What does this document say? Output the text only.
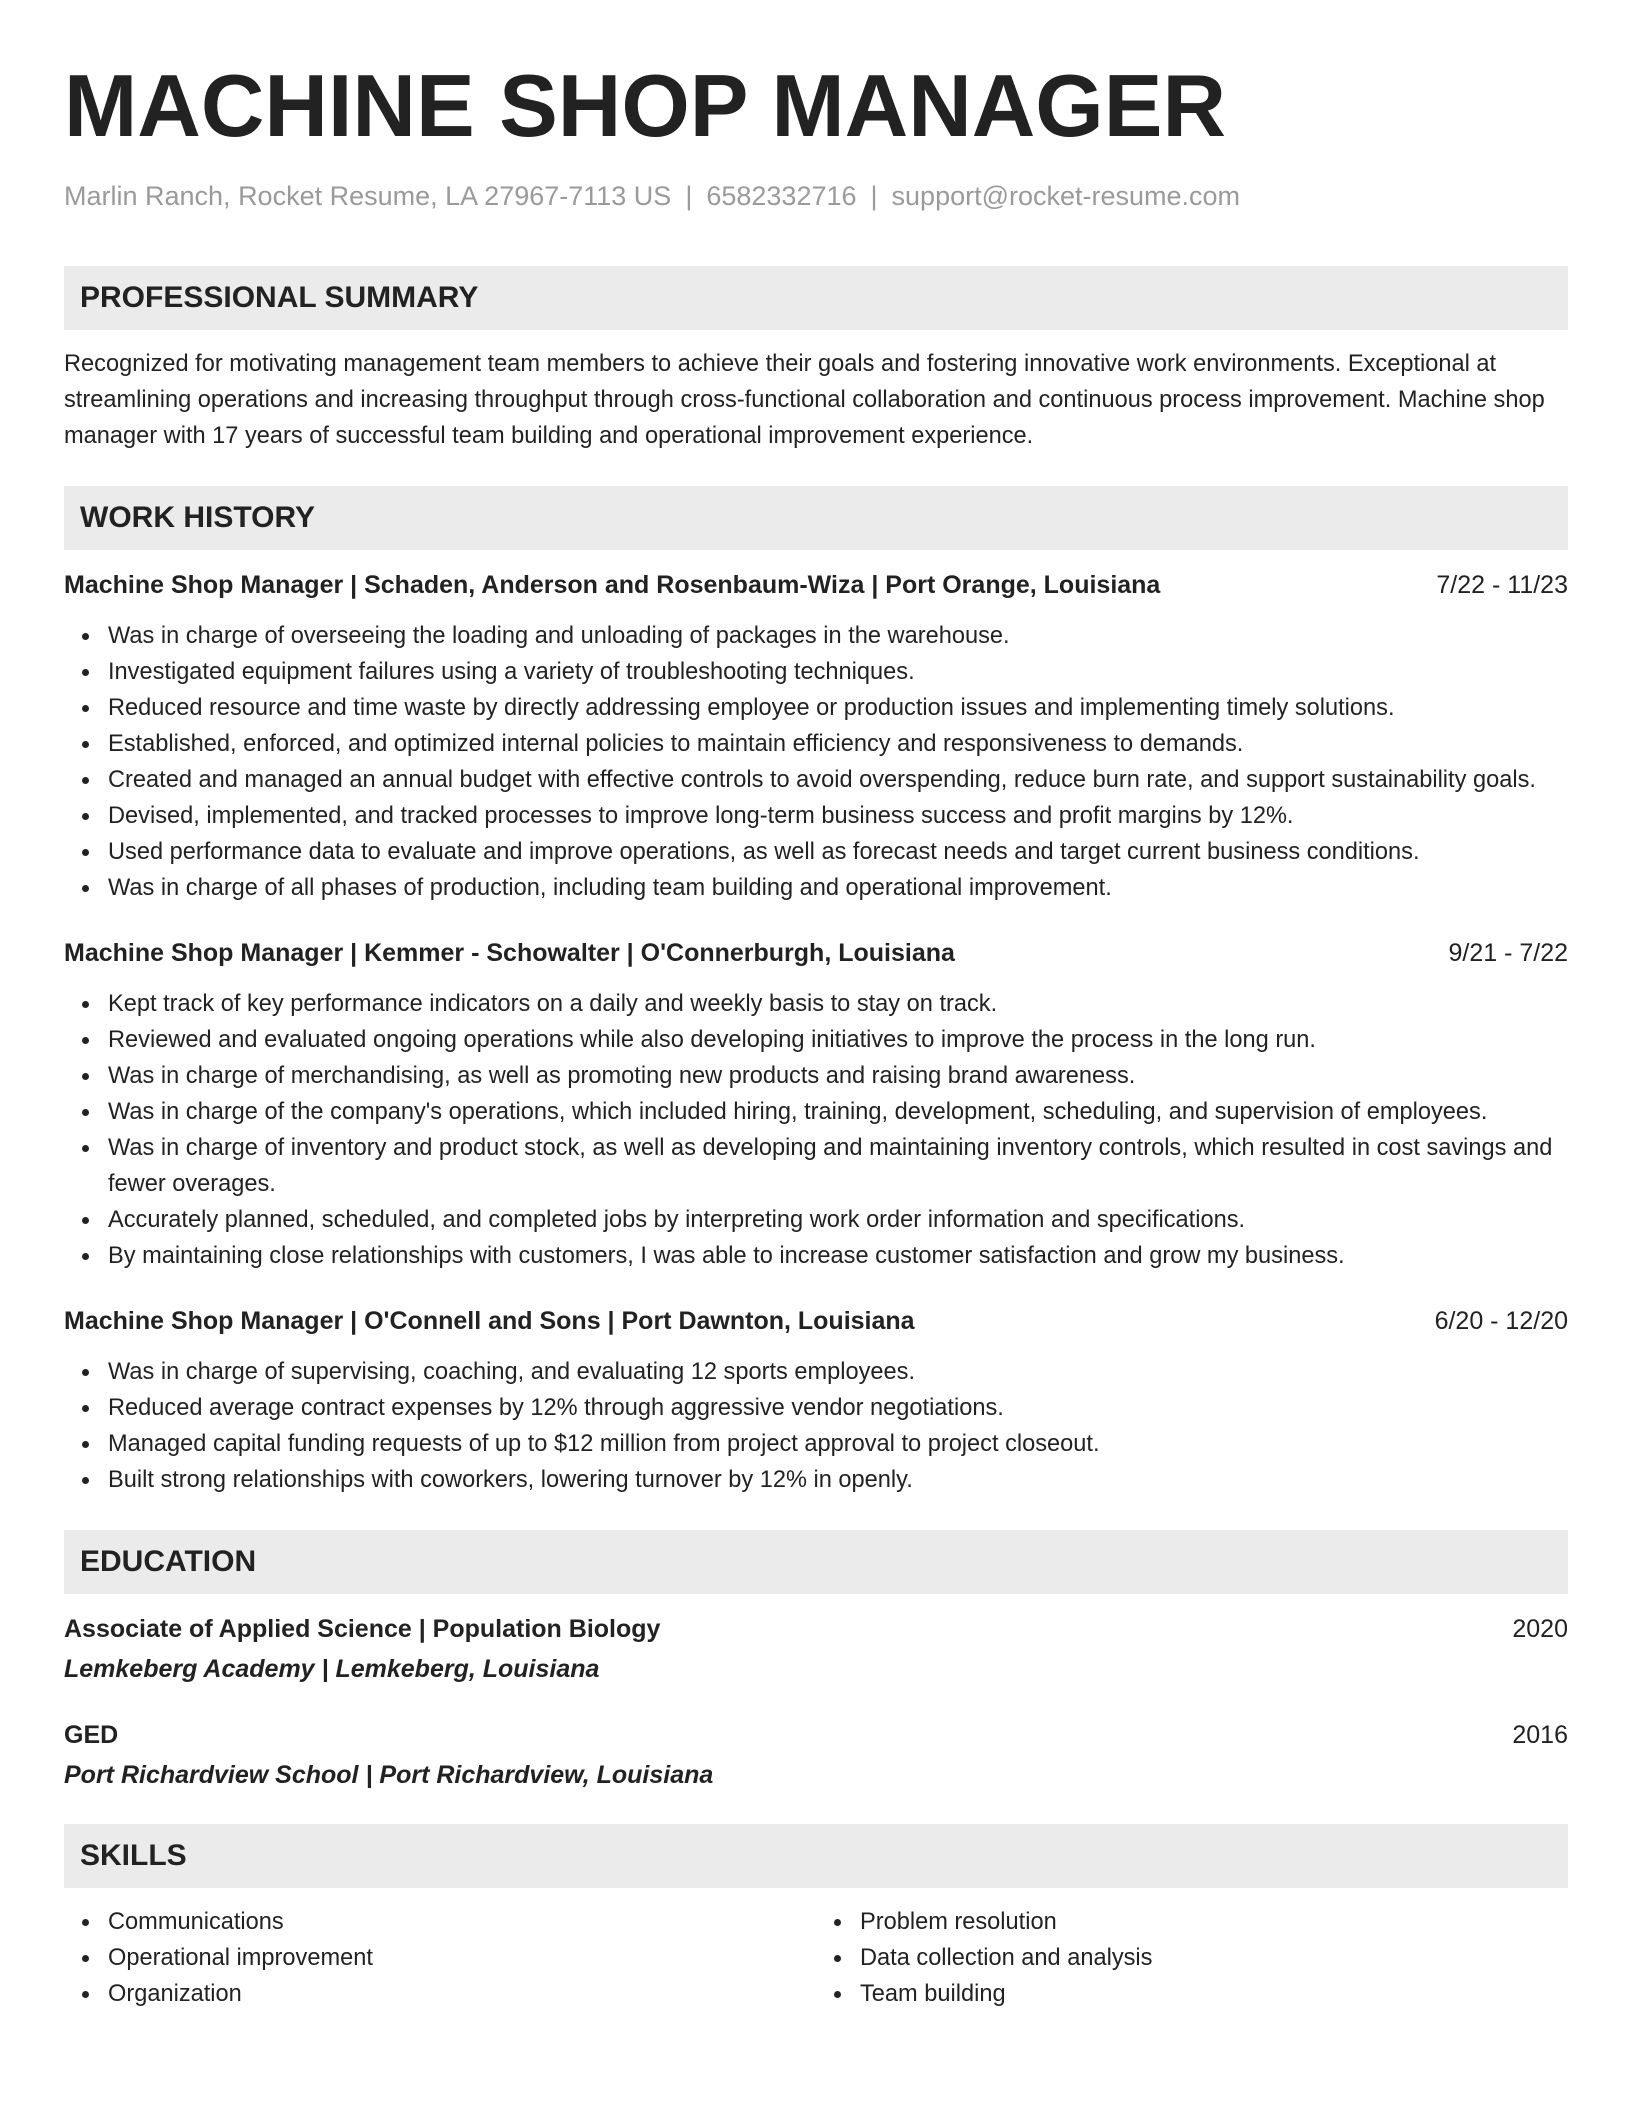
MACHINE SHOP MANAGER
Marlin Ranch, Rocket Resume, LA 27967-7113 US | 6582332716 | support@rocket-resume.com
PROFESSIONAL SUMMARY
Recognized for motivating management team members to achieve their goals and fostering innovative work environments. Exceptional at streamlining operations and increasing throughput through cross-functional collaboration and continuous process improvement. Machine shop manager with 17 years of successful team building and operational improvement experience.
WORK HISTORY
Machine Shop Manager | Schaden, Anderson and Rosenbaum-Wiza | Port Orange, Louisiana	7/22 - 11/23
Was in charge of overseeing the loading and unloading of packages in the warehouse.
Investigated equipment failures using a variety of troubleshooting techniques.
Reduced resource and time waste by directly addressing employee or production issues and implementing timely solutions.
Established, enforced, and optimized internal policies to maintain efficiency and responsiveness to demands.
Created and managed an annual budget with effective controls to avoid overspending, reduce burn rate, and support sustainability goals.
Devised, implemented, and tracked processes to improve long-term business success and profit margins by 12%.
Used performance data to evaluate and improve operations, as well as forecast needs and target current business conditions.
Was in charge of all phases of production, including team building and operational improvement.
Machine Shop Manager | Kemmer - Schowalter | O'Connerburgh, Louisiana	9/21 - 7/22
Kept track of key performance indicators on a daily and weekly basis to stay on track.
Reviewed and evaluated ongoing operations while also developing initiatives to improve the process in the long run.
Was in charge of merchandising, as well as promoting new products and raising brand awareness.
Was in charge of the company's operations, which included hiring, training, development, scheduling, and supervision of employees.
Was in charge of inventory and product stock, as well as developing and maintaining inventory controls, which resulted in cost savings and fewer overages.
Accurately planned, scheduled, and completed jobs by interpreting work order information and specifications.
By maintaining close relationships with customers, I was able to increase customer satisfaction and grow my business.
Machine Shop Manager | O'Connell and Sons | Port Dawnton, Louisiana	6/20 - 12/20
Was in charge of supervising, coaching, and evaluating 12 sports employees.
Reduced average contract expenses by 12% through aggressive vendor negotiations.
Managed capital funding requests of up to $12 million from project approval to project closeout.
Built strong relationships with coworkers, lowering turnover by 12% in openly.
EDUCATION
Associate of Applied Science | Population Biology	2020
Lemkeberg Academy | Lemkeberg, Louisiana
GED	2016
Port Richardview School | Port Richardview, Louisiana
SKILLS
Communications
Operational improvement
Organization
Problem resolution
Data collection and analysis
Team building
